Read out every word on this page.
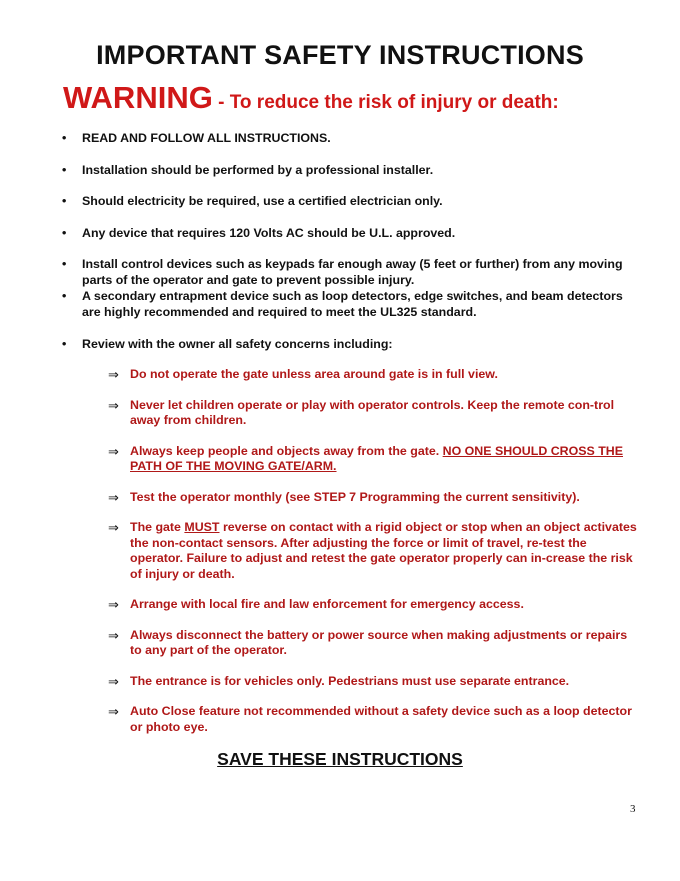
IMPORTANT SAFETY INSTRUCTIONS
WARNING - To reduce the risk of injury or death:
• READ AND FOLLOW ALL INSTRUCTIONS.
• Installation should be performed by a professional installer.
• Should electricity be required, use a certified electrician only.
• Any device that requires 120 Volts AC should be U.L. approved.
• Install control devices such as keypads far enough away (5 feet or further) from any moving parts of the operator and gate to prevent possible injury.
• A secondary entrapment device such as loop detectors, edge switches, and beam detectors are highly recommended and required to meet the UL325 standard.
• Review with the owner all safety concerns including:
⇒ Do not operate the gate unless area around gate is in full view.
⇒ Never let children operate or play with operator controls. Keep the remote con-trol away from children.
⇒ Always keep people and objects away from the gate. NO ONE SHOULD CROSS THE PATH OF THE MOVING GATE/ARM.
⇒ Test the operator monthly (see STEP 7 Programming the current sensitivity).
⇒ The gate MUST reverse on contact with a rigid object or stop when an object activates the non-contact sensors. After adjusting the force or limit of travel, re-test the operator. Failure to adjust and retest the gate operator properly can in-crease the risk of injury or death.
⇒ Arrange with local fire and law enforcement for emergency access.
⇒ Always disconnect the battery or power source when making adjustments or repairs to any part of the operator.
⇒ The entrance is for vehicles only. Pedestrians must use separate entrance.
⇒ Auto Close feature not recommended without a safety device such as a loop detector or photo eye.
SAVE THESE INSTRUCTIONS
3
